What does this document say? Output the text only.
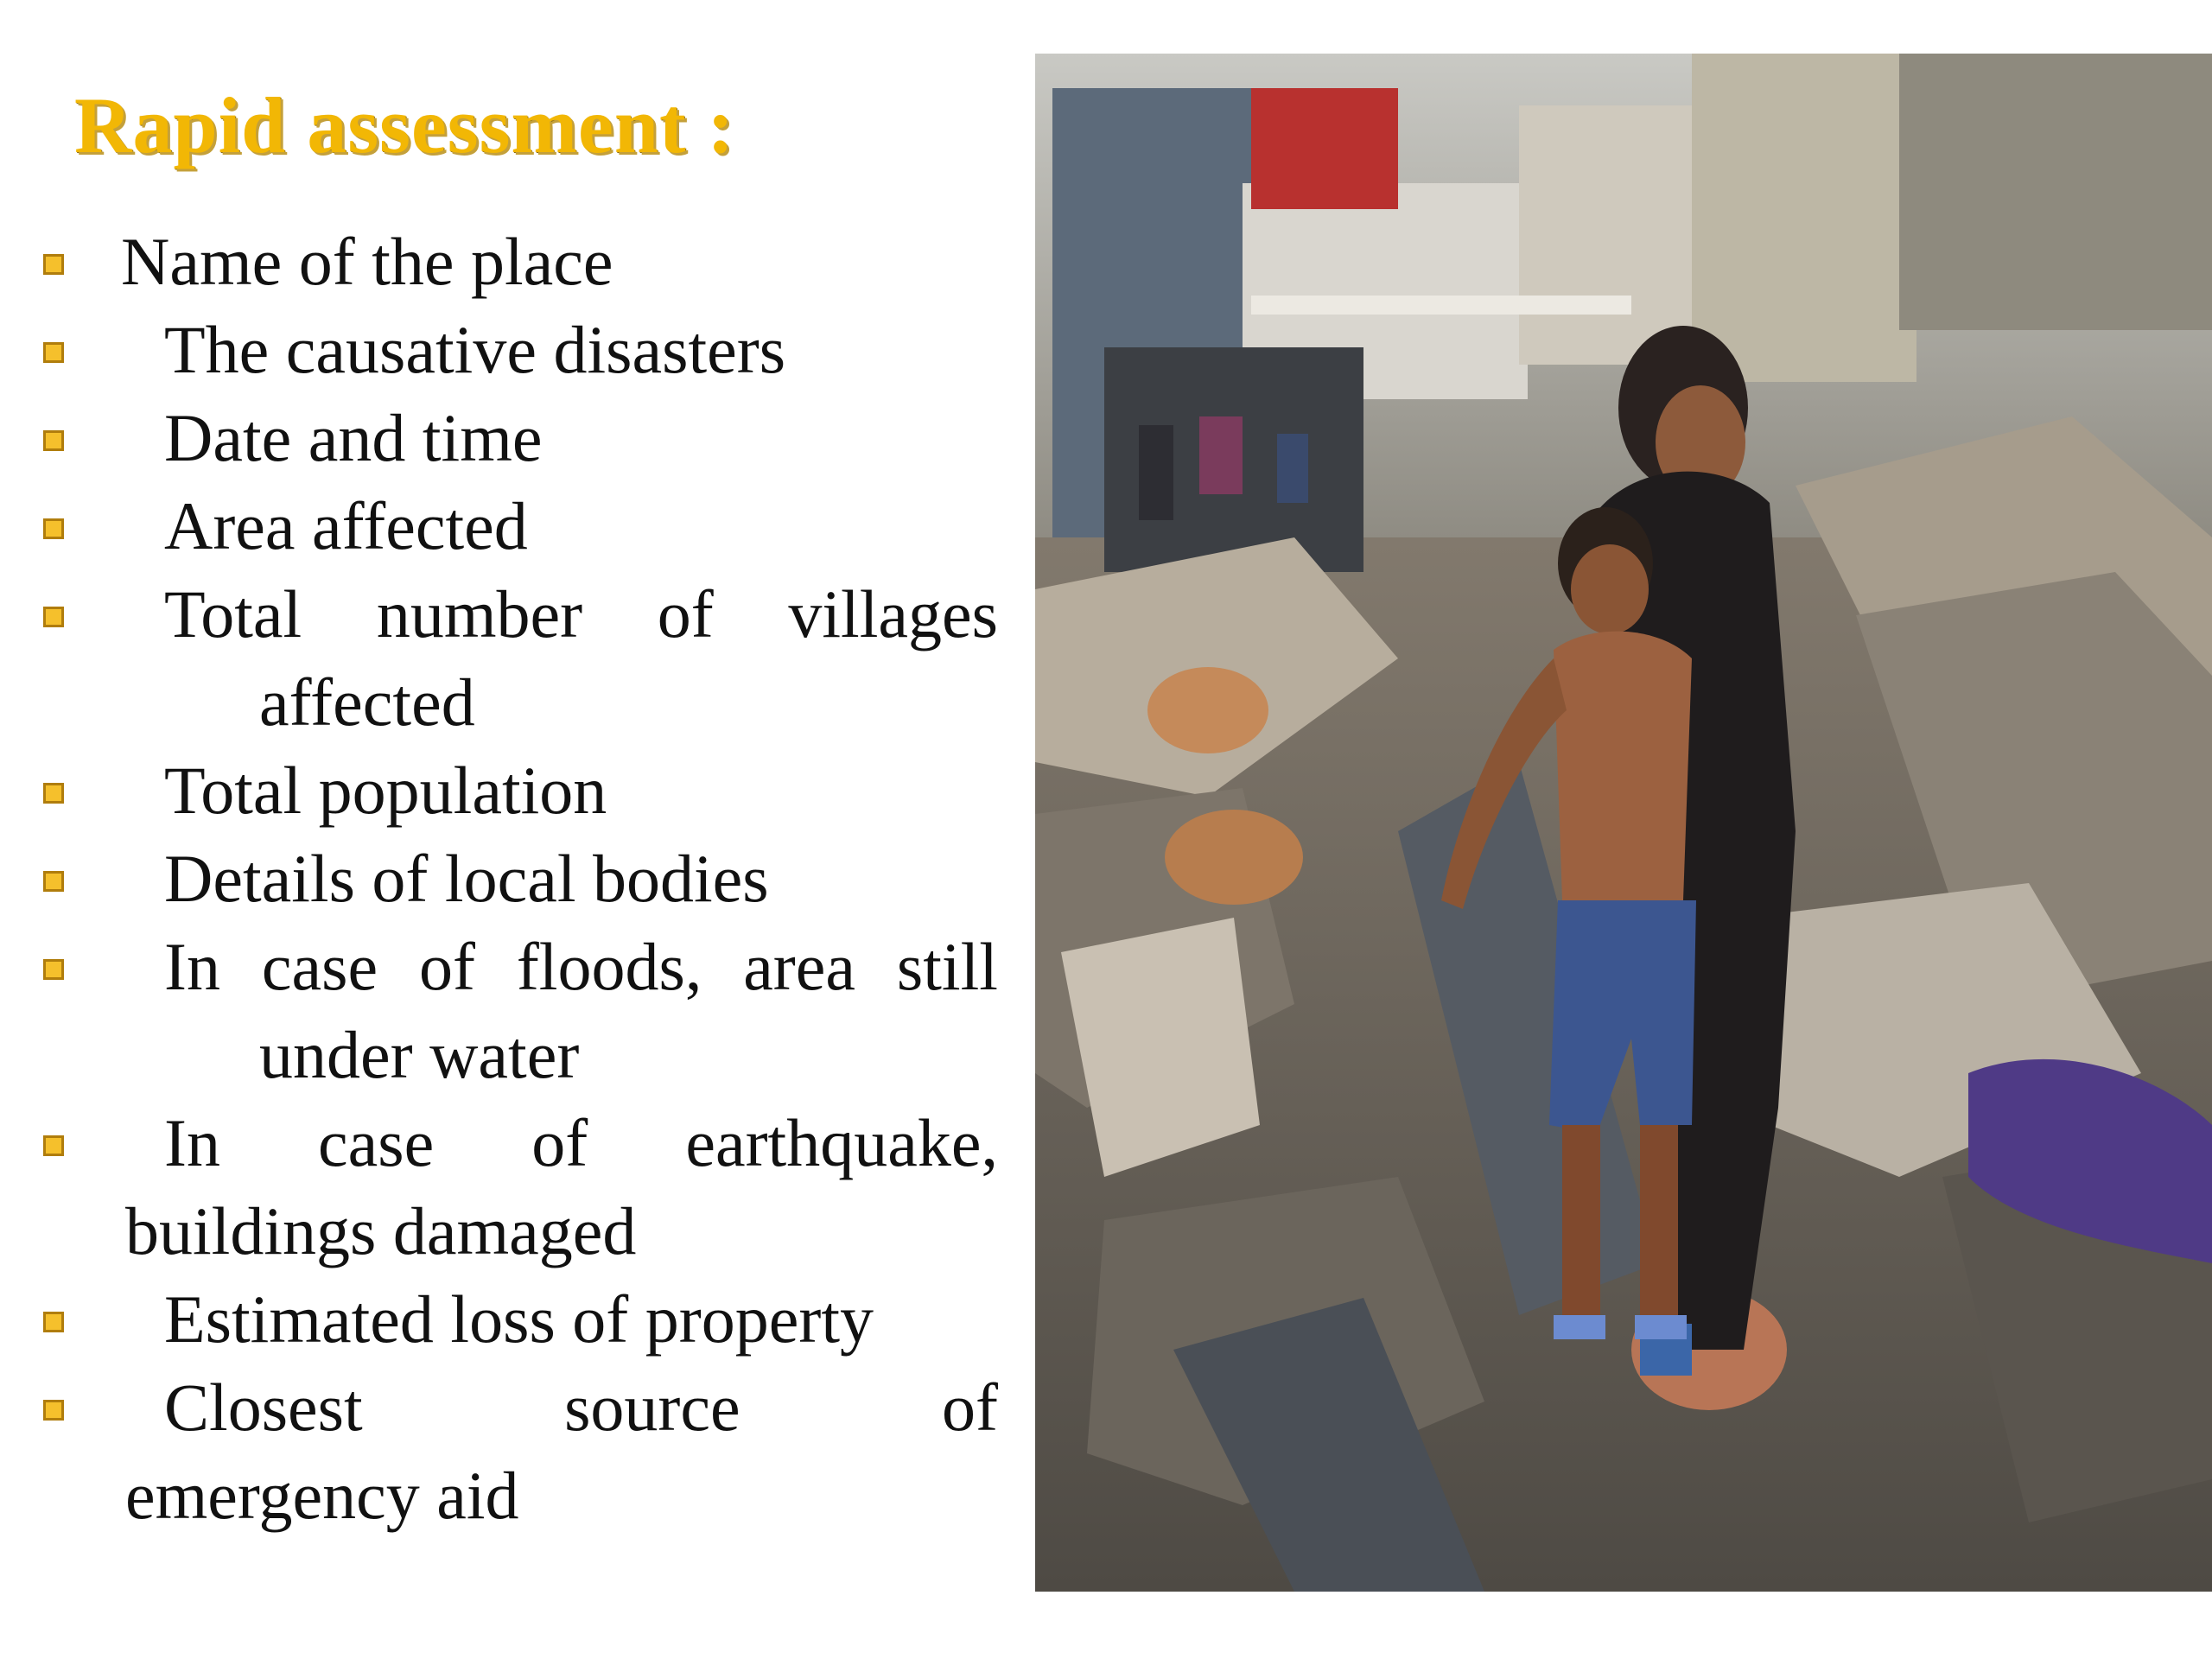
Rapid assessment :
Name of the place
The causative disasters
Date and time
Area affected
Total number of villages
affected
Total population
Details of local bodies
In case of floods, area still
under water
In case of earthquake,
buildings damaged
Estimated loss of property
Closest	source	of
emergency aid
